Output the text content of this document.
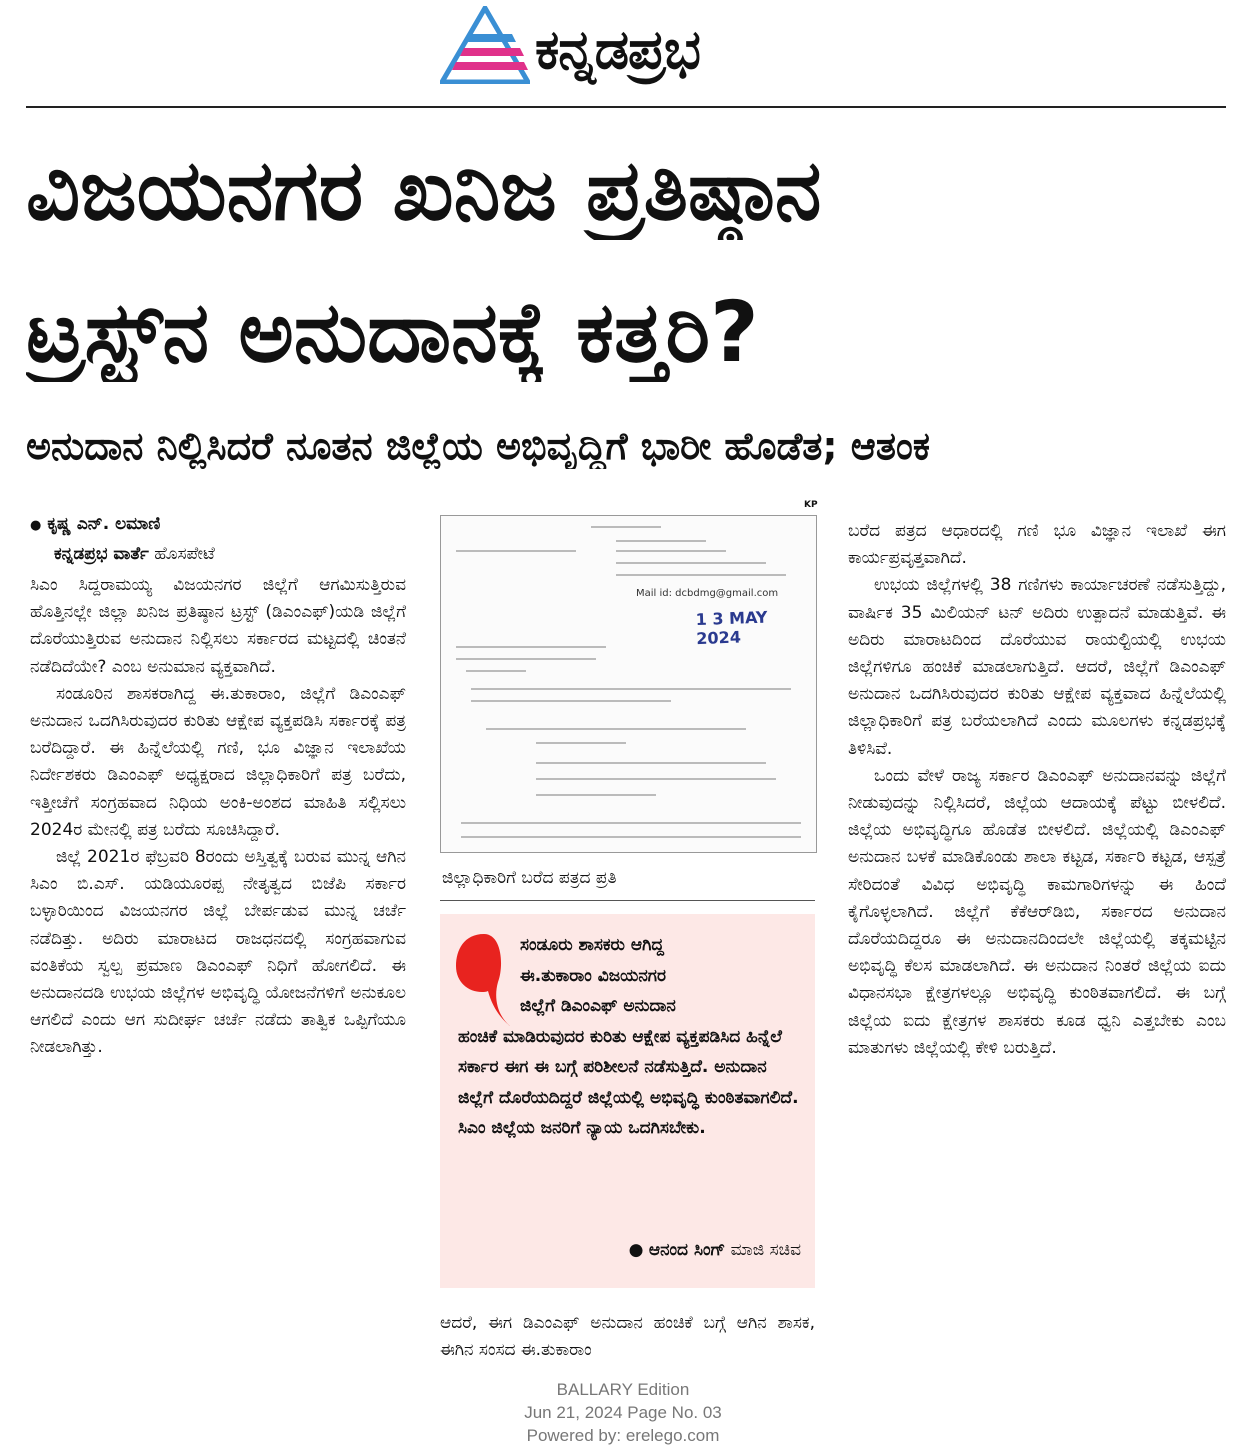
ಕನ್ನಡಪ್ರಭ
ವಿಜಯನಗರ ಖನಿಜ ಪ್ರತಿಷ್ಠಾನ
ಟ್ರಸ್ಟ್‌ನ ಅನುದಾನಕ್ಕೆ ಕತ್ತರಿ?
ಅನುದಾನ ನಿಲ್ಲಿಸಿದರೆ ನೂತನ ಜಿಲ್ಲೆಯ ಅಭಿವೃದ್ಧಿಗೆ ಭಾರೀ ಹೊಡೆತ; ಆತಂಕ
KP
● ಕೃಷ್ಣ ಎನ್. ಲಮಾಣಿ
ಕನ್ನಡಪ್ರಭ ವಾರ್ತೆ ಹೊಸಪೇಟೆ

ಸಿಎಂ ಸಿದ್ದರಾಮಯ್ಯ ವಿಜಯನಗರ ಜಿಲ್ಲೆಗೆ ಆಗಮಿಸುತ್ತಿರುವ ಹೊತ್ತಿನಲ್ಲೇ ಜಿಲ್ಲಾ ಖನಿಜ ಪ್ರತಿಷ್ಠಾನ ಟ್ರಸ್ಟ್ (ಡಿಎಂಎಫ್)ಯಡಿ ಜಿಲ್ಲೆಗೆ ದೊರೆಯುತ್ತಿರುವ ಅನುದಾನ ನಿಲ್ಲಿಸಲು ಸರ್ಕಾರದ ಮಟ್ಟದಲ್ಲಿ ಚಿಂತನೆ ನಡೆದಿದೆಯೇ? ಎಂಬ ಅನುಮಾನ ವ್ಯಕ್ತವಾಗಿದೆ.

ಸಂಡೂರಿನ ಶಾಸಕರಾಗಿದ್ದ ಈ.ತುಕಾರಾಂ, ಜಿಲ್ಲೆಗೆ ಡಿಎಂಎಫ್ ಅನುದಾನ ಒದಗಿಸಿರುವುದರ ಕುರಿತು ಆಕ್ಷೇಪ ವ್ಯಕ್ತಪಡಿಸಿ ಸರ್ಕಾರಕ್ಕೆ ಪತ್ರ ಬರೆದಿದ್ದಾರೆ. ಈ ಹಿನ್ನೆಲೆಯಲ್ಲಿ ಗಣಿ, ಭೂ ವಿಜ್ಞಾನ ಇಲಾಖೆಯ ನಿರ್ದೇಶಕರು ಡಿಎಂಎಫ್ ಅಧ್ಯಕ್ಷರಾದ ಜಿಲ್ಲಾಧಿಕಾರಿಗೆ ಪತ್ರ ಬರೆದು, ಇತ್ತೀಚೆಗೆ ಸಂಗ್ರಹವಾದ ನಿಧಿಯ ಅಂಕಿ-ಅಂಶದ ಮಾಹಿತಿ ಸಲ್ಲಿಸಲು 2024ರ ಮೇನಲ್ಲಿ ಪತ್ರ ಬರೆದು ಸೂಚಿಸಿದ್ದಾರೆ.

ಜಿಲ್ಲೆ 2021ರ ಫೆಬ್ರವರಿ 8ರಂದು ಅಸ್ತಿತ್ವಕ್ಕೆ ಬರುವ ಮುನ್ನ ಆಗಿನ ಸಿಎಂ ಬಿ.ಎಸ್. ಯಡಿಯೂರಪ್ಪ ನೇತೃತ್ವದ ಬಿಜೆಪಿ ಸರ್ಕಾರ ಬಳ್ಳಾರಿಯಿಂದ ವಿಜಯನಗರ ಜಿಲ್ಲೆ ಬೇರ್ಪಡುವ ಮುನ್ನ ಚರ್ಚೆ ನಡೆದಿತ್ತು. ಅದಿರು ಮಾರಾಟದ ರಾಜಧನದಲ್ಲಿ ಸಂಗ್ರಹವಾಗುವ ವಂತಿಕೆಯ ಸ್ವಲ್ಪ ಪ್ರಮಾಣ ಡಿಎಂಎಫ್ ನಿಧಿಗೆ ಹೋಗಲಿದೆ. ಈ ಅನುದಾನದಡಿ ಉಭಯ ಜಿಲ್ಲೆಗಳ ಅಭಿವೃದ್ಧಿ ಯೋಜನೆಗಳಿಗೆ ಅನುಕೂಲ ಆಗಲಿದೆ ಎಂದು ಆಗ ಸುದೀರ್ಘ ಚರ್ಚೆ ನಡೆದು ತಾತ್ವಿಕ ಒಪ್ಪಿಗೆಯೂ ನೀಡಲಾಗಿತ್ತು.

Mail id: dcbdmg@gmail.com
1 3 MAY 2024
ಜಿಲ್ಲಾಧಿಕಾರಿಗೆ ಬರೆದ ಪತ್ರದ ಪ್ರತಿ
ಸಂಡೂರು ಶಾಸಕರು ಆಗಿದ್ದ
ಈ.ತುಕಾರಾಂ ವಿಜಯನಗರ
ಜಿಲ್ಲೆಗೆ ಡಿಎಂಎಫ್ ಅನುದಾನ
ಹಂಚಿಕೆ ಮಾಡಿರುವುದರ ಕುರಿತು ಆಕ್ಷೇಪ ವ್ಯಕ್ತಪಡಿಸಿದ ಹಿನ್ನೆಲೆ ಸರ್ಕಾರ ಈಗ ಈ ಬಗ್ಗೆ ಪರಿಶೀಲನೆ ನಡೆಸುತ್ತಿದೆ. ಅನುದಾನ ಜಿಲ್ಲೆಗೆ ದೊರೆಯದಿದ್ದರೆ ಜಿಲ್ಲೆಯಲ್ಲಿ ಅಭಿವೃದ್ಧಿ ಕುಂಠಿತವಾಗಲಿದೆ. ಸಿಎಂ ಜಿಲ್ಲೆಯ ಜನರಿಗೆ ನ್ಯಾಯ ಒದಗಿಸಬೇಕು.
● ಆನಂದ ಸಿಂಗ್ ಮಾಜಿ ಸಚಿವ

ಆದರೆ, ಈಗ ಡಿಎಂಎಫ್ ಅನುದಾನ ಹಂಚಿಕೆ ಬಗ್ಗೆ ಆಗಿನ ಶಾಸಕ, ಈಗಿನ ಸಂಸದ ಈ.ತುಕಾರಾಂ

ಬರೆದ ಪತ್ರದ ಆಧಾರದಲ್ಲಿ ಗಣಿ ಭೂ ವಿಜ್ಞಾನ ಇಲಾಖೆ ಈಗ ಕಾರ್ಯಪ್ರವೃತ್ತವಾಗಿದೆ.

ಉಭಯ ಜಿಲ್ಲೆಗಳಲ್ಲಿ 38 ಗಣಿಗಳು ಕಾರ್ಯಾಚರಣೆ ನಡೆಸುತ್ತಿದ್ದು, ವಾರ್ಷಿಕ 35 ಮಿಲಿಯನ್ ಟನ್ ಅದಿರು ಉತ್ಪಾದನೆ ಮಾಡುತ್ತಿವೆ. ಈ ಅದಿರು ಮಾರಾಟದಿಂದ ದೊರೆಯುವ ರಾಯಲ್ಟಿಯಲ್ಲಿ ಉಭಯ ಜಿಲ್ಲೆಗಳಿಗೂ ಹಂಚಿಕೆ ಮಾಡಲಾಗುತ್ತಿದೆ. ಆದರೆ, ಜಿಲ್ಲೆಗೆ ಡಿಎಂಎಫ್ ಅನುದಾನ ಒದಗಿಸಿರುವುದರ ಕುರಿತು ಆಕ್ಷೇಪ ವ್ಯಕ್ತವಾದ ಹಿನ್ನೆಲೆಯಲ್ಲಿ ಜಿಲ್ಲಾಧಿಕಾರಿಗೆ ಪತ್ರ ಬರೆಯಲಾಗಿದೆ ಎಂದು ಮೂಲಗಳು ಕನ್ನಡಪ್ರಭಕ್ಕೆ ತಿಳಿಸಿವೆ.

ಒಂದು ವೇಳೆ ರಾಜ್ಯ ಸರ್ಕಾರ ಡಿಎಂಎಫ್ ಅನುದಾನವನ್ನು ಜಿಲ್ಲೆಗೆ ನೀಡುವುದನ್ನು ನಿಲ್ಲಿಸಿದರೆ, ಜಿಲ್ಲೆಯ ಆದಾಯಕ್ಕೆ ಪೆಟ್ಟು ಬೀಳಲಿದೆ. ಜಿಲ್ಲೆಯ ಅಭಿವೃದ್ಧಿಗೂ ಹೊಡೆತ ಬೀಳಲಿದೆ. ಜಿಲ್ಲೆಯಲ್ಲಿ ಡಿಎಂಎಫ್ ಅನುದಾನ ಬಳಕೆ ಮಾಡಿಕೊಂಡು ಶಾಲಾ ಕಟ್ಟಡ, ಸರ್ಕಾರಿ ಕಟ್ಟಡ, ಆಸ್ಪತ್ರೆ ಸೇರಿದಂತೆ ವಿವಿಧ ಅಭಿವೃದ್ಧಿ ಕಾಮಗಾರಿಗಳನ್ನು ಈ ಹಿಂದೆ ಕೈಗೊಳ್ಳಲಾಗಿದೆ. ಜಿಲ್ಲೆಗೆ ಕೆಕೆಆರ್‌ಡಿಬಿ, ಸರ್ಕಾರದ ಅನುದಾನ ದೊರೆಯದಿದ್ದರೂ ಈ ಅನುದಾನದಿಂದಲೇ ಜಿಲ್ಲೆಯಲ್ಲಿ ತಕ್ಕಮಟ್ಟಿನ ಅಭಿವೃದ್ಧಿ ಕೆಲಸ ಮಾಡಲಾಗಿದೆ. ಈ ಅನುದಾನ ನಿಂತರೆ ಜಿಲ್ಲೆಯ ಐದು ವಿಧಾನಸಭಾ ಕ್ಷೇತ್ರಗಳಲ್ಲೂ ಅಭಿವೃದ್ಧಿ ಕುಂಠಿತವಾಗಲಿದೆ. ಈ ಬಗ್ಗೆ ಜಿಲ್ಲೆಯ ಐದು ಕ್ಷೇತ್ರಗಳ ಶಾಸಕರು ಕೂಡ ಧ್ವನಿ ಎತ್ತಬೇಕು ಎಂಬ ಮಾತುಗಳು ಜಿಲ್ಲೆಯಲ್ಲಿ ಕೇಳಿ ಬರುತ್ತಿದೆ.

BALLARY Edition
Jun 21, 2024 Page No. 03
Powered by: erelego.com
